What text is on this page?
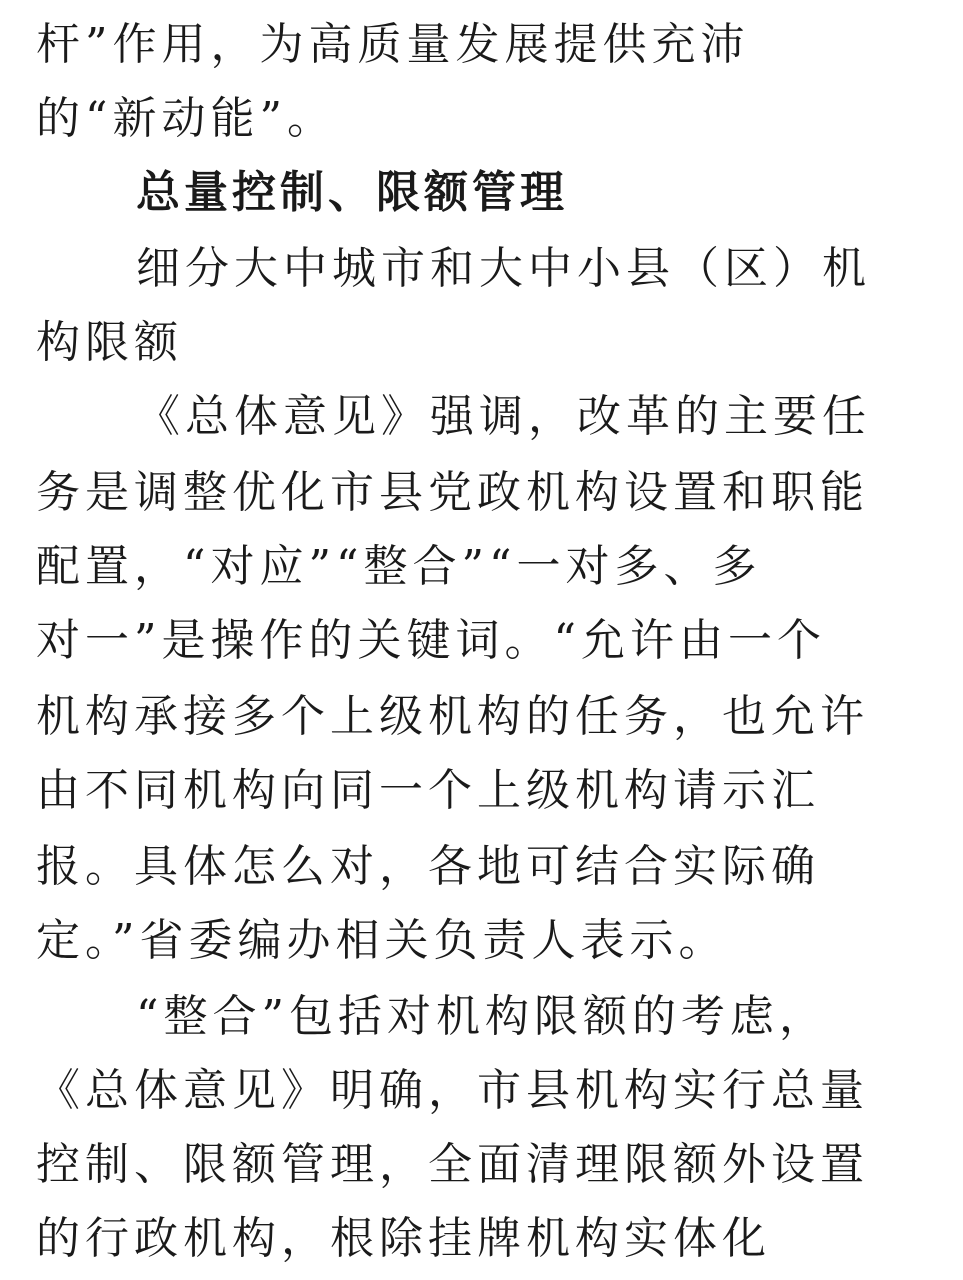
杆”作用，为高质量发展提供充沛
的“新动能”。
总量控制、限额管理
细分大中城市和大中小县（区）机
构限额
《总体意见》强调，改革的主要任
务是调整优化市县党政机构设置和职能
配置，“对应”“整合”“一对多、多
对一”是操作的关键词。“允许由一个
机构承接多个上级机构的任务，也允许
由不同机构向同一个上级机构请示汇
报。具体怎么对，各地可结合实际确
定。”省委编办相关负责人表示。
“整合”包括对机构限额的考虑，
《总体意见》明确，市县机构实行总量
控制、限额管理，全面清理限额外设置
的行政机构，根除挂牌机构实体化
